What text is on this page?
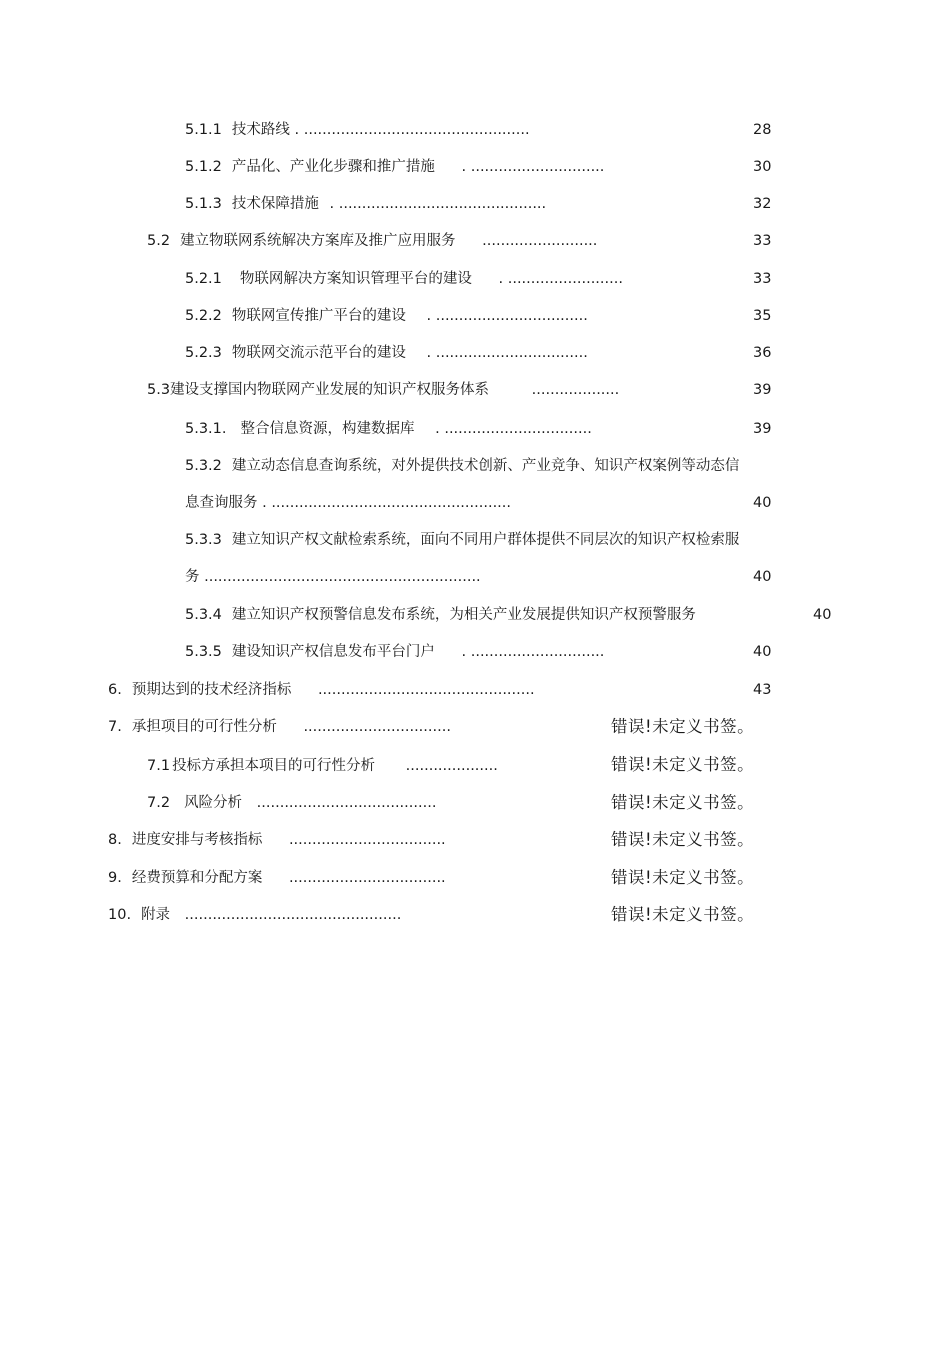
5.1.1 技术路线 . .................................................	28
5.1.2 产品化、产业化步骤和推广措施 . .............................	30
5.1.3 技术保障措施 . .............................................	32
5.2 建立物联网系统解决方案库及推广应用服务 .........................	33
5.2.1 物联网解决方案知识管理平台的建设 . .........................	33
5.2.2 物联网宣传推广平台的建设 . .................................	35
5.2.3 物联网交流示范平台的建设 . .................................	36
5.3建设支撑国内物联网产业发展的知识产权服务体系	...................	39
5.3.1. 整合信息资源，构建数据库 . ................................	39
5.3.2 建立动态信息查询系统，对外提供技术创新、产业竞争、知识产权案例等动态信
息查询服务 . ....................................................	40
5.3.3 建立知识产权文献检索系统，面向不同用户群体提供不同层次的知识产权检索服
务 ............................................................	40
5.3.4 建立知识产权预警信息发布系统，为相关产业发展提供知识产权预警服务	40
5.3.5 建设知识产权信息发布平台门户 . .............................	40
6. 预期达到的技术经济指标 ...............................................	43
7. 承担项目的可行性分析 ................................	错误!未定义书签。
7.1 投标方承担本项目的可行性分析 ....................	错误!未定义书签。
7.2 风险分析 .......................................	错误!未定义书签。
8. 进度安排与考核指标 ..................................	错误!未定义书签。
9. 经费预算和分配方案 ..................................	错误!未定义书签。
10. 附录 ...............................................	错误!未定义书签。
